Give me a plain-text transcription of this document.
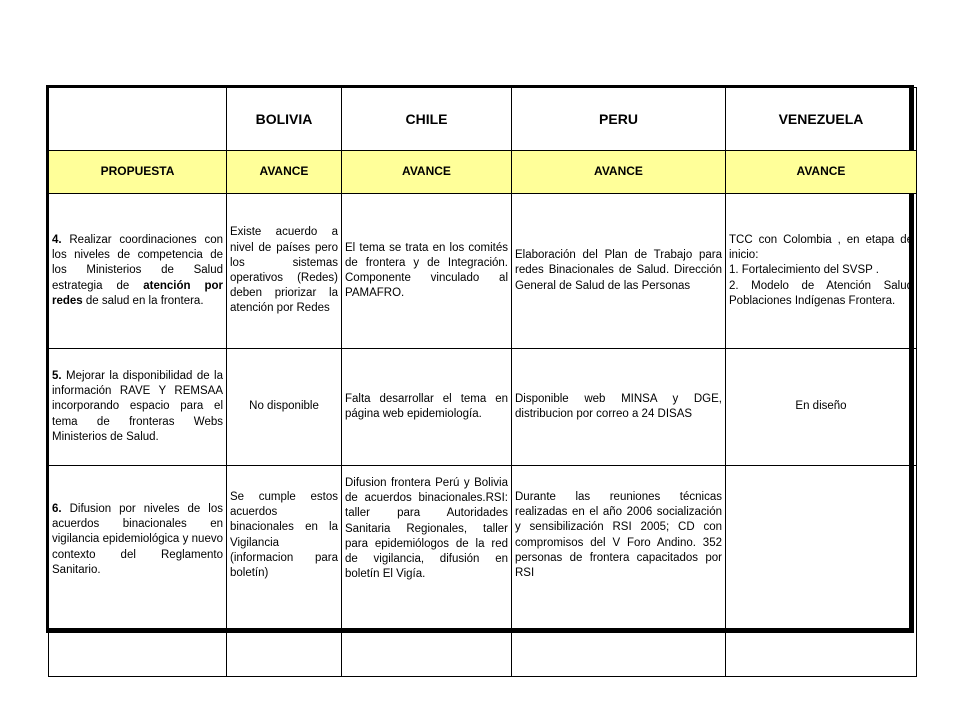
	BOLIVIA	CHILE	PERU	VENEZUELA
PROPUESTA	AVANCE	AVANCE	AVANCE	AVANCE
4. Realizar coordinaciones con los niveles de competencia de los Ministerios de Salud estrategia de atención por redes de salud en la frontera.	Existe acuerdo a nivel de países pero los sistemas operativos (Redes) deben priorizar la atención por Redes	El tema se trata en los comités de frontera y de Integración. Componente vinculado al PAMAFRO.	Elaboración del Plan de Trabajo para redes Binacionales de Salud. Dirección General de Salud de las Personas	TCC con Colombia , en etapa de inicio:
1. Fortalecimiento del SVSP .
2. Modelo de Atención Salud Poblaciones Indígenas Frontera.
5. Mejorar la disponibilidad de la información RAVE Y REMSAA incorporando espacio para el tema de fronteras Webs Ministerios de Salud.	No disponible	Falta desarrollar el tema en página web epidemiología.	Disponible web MINSA y DGE, distribucion por correo a 24 DISAS	En diseño
6. Difusion por niveles de los acuerdos binacionales en vigilancia epidemiológica y nuevo contexto del Reglamento Sanitario.	Se cumple estos acuerdos binacionales en la Vigilancia (informacion para boletín)	Difusion frontera Perú y Bolivia de acuerdos binacionales.RSI: taller para Autoridades Sanitaria Regionales, taller para epidemiólogos de la red de vigilancia, difusión en boletín El Vigía.	Durante las reuniones técnicas realizadas en el año 2006 socialización y sensibilización RSI 2005; CD con compromisos del V Foro Andino. 352 personas de frontera capacitados por RSI	
